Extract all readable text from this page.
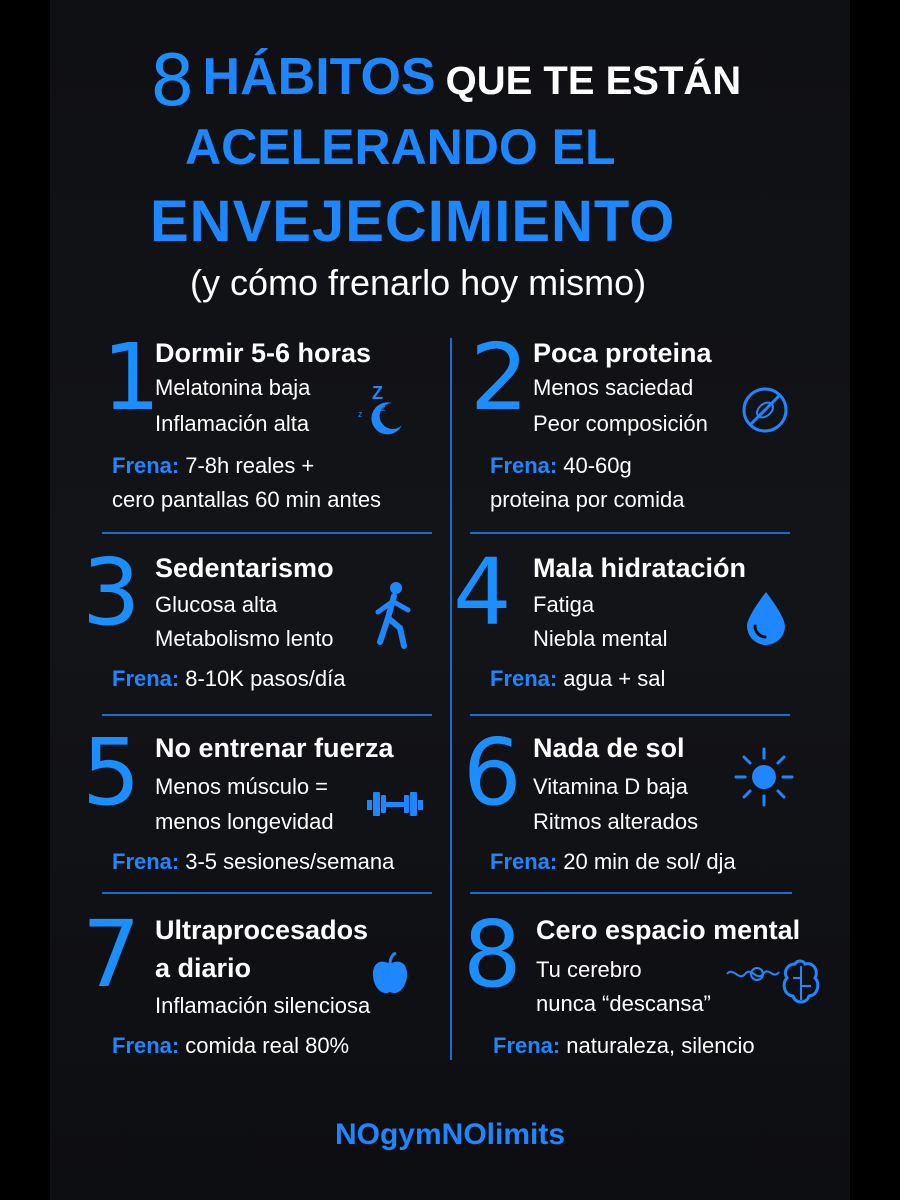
8 HÁBITOS QUE TE ESTÁN
ACELERANDO EL
ENVEJECIMIENTO
(y cómo frenarlo hoy mismo)
1
Dormir 5-6 horas
Melatonina baja
Inflamación alta
Frena: 7-8h reales +
cero pantallas 60 min antes
Z
z
z 2 Poca proteina
Menos saciedad
Peor composición
Frena: 40-60g
proteina por comida
3 Sedentarismo
Glucosa alta
Metabolismo lento
Frena: 8-10K pasos/día
4 Mala hidratación
Fatiga
Niebla mental
Frena: agua + sal
5 No entrenar fuerza
Menos músculo =
menos longevidad
Frena: 3-5 sesiones/semana
6 Nada de sol
Vitamina D baja
Ritmos alterados
Frena: 20 min de sol/ dja
7 Ultraprocesados
a diario
Inflamación silenciosa
Frena: comida real 80%
8 Cero espacio mental
Tu cerebro
nunca “descansa”
Frena: naturaleza, silencio
NOgymNOlimits
